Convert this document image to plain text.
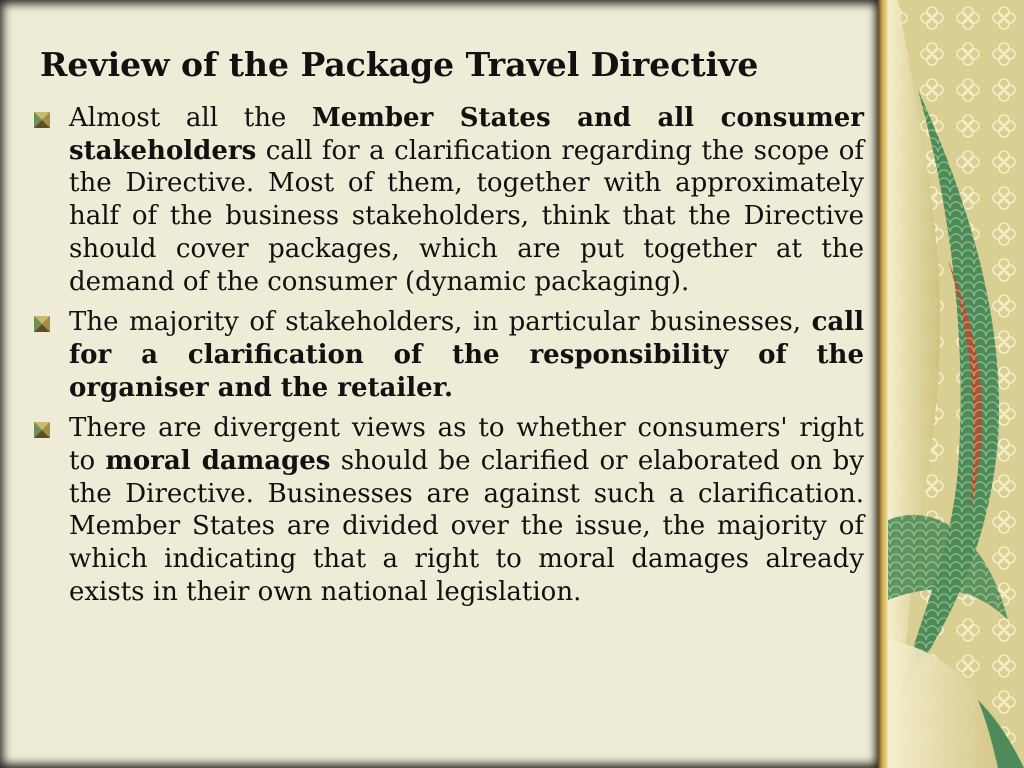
Review of the Package Travel Directive
Almost all the Member States and all consumer stakeholders call for a clarification regarding the scope of the Directive. Most of them, together with approximately half of the business stakeholders, think that the Directive should cover packages, which are put together at the demand of the consumer (dynamic packaging).
The majority of stakeholders, in particular businesses, call for a clarification of the responsibility of the organiser and the retailer.
There are divergent views as to whether consumers' right to moral damages should be clarified or elaborated on by the Directive. Businesses are against such a clarification. Member States are divided over the issue, the majority of which indicating that a right to moral damages already exists in their own national legislation.
